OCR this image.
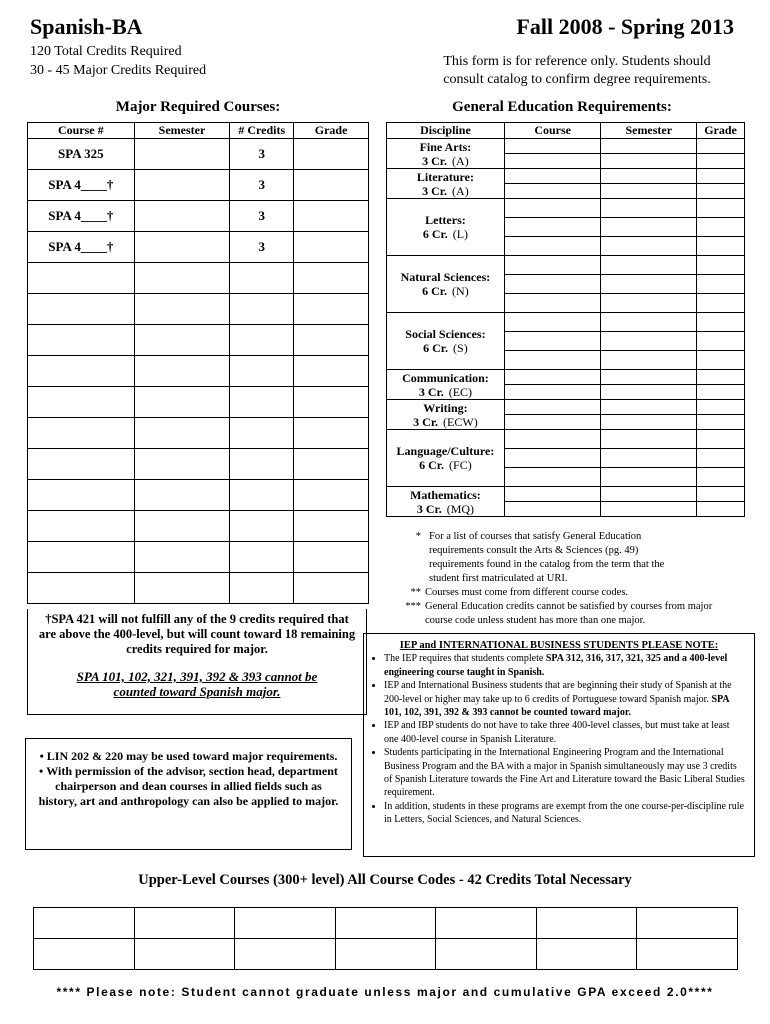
Spanish-BA
120 Total Credits Required
30 - 45 Major Credits Required
Fall 2008 - Spring 2013
This form is for reference only. Students should
consult catalog to confirm degree requirements.
Major Required Courses:	General Education Requirements:
Course #	Semester	# Credits	Grade
SPA 325		3	
SPA 4____†		3	
SPA 4____†		3	
SPA 4____†		3	

†SPA 421 will not fulfill any of the 9 credits required that are above the 400-level, but will count toward 18 remaining credits required for major.
SPA 101, 102, 321, 391, 392 & 393 cannot be counted toward Spanish major.
• LIN 202 & 220 may be used toward major requirements.
• With permission of the advisor, section head, department chairperson and dean courses in allied fields such as history, art and anthropology can also be applied to major.
Discipline	Course	Semester	Grade

Fine Arts:
3 Cr. (A)			

Literature:
3 Cr. (A)			

Letters:
6 Cr. (L)			

Natural Sciences:
6 Cr. (N)			

Social Sciences:
6 Cr. (S)			

Communication:
3 Cr. (EC)			

Writing:
3 Cr. (ECW)			

Language/Culture:
6 Cr. (FC)			

Mathematics:
3 Cr. (MQ)			

* For a list of courses that satisfy General Education requirements consult the Arts & Sciences (pg. 49) requirements found in the catalog from the term that the student first matriculated at URI.
** Courses must come from different course codes.
*** General Education credits cannot be satisfied by courses from major course code unless student has more than one major.
IEP and INTERNATIONAL BUSINESS STUDENTS PLEASE NOTE:
• The IEP requires that students complete SPA 312, 316, 317, 321, 325 and a 400-level engineering course taught in Spanish.
• IEP and International Business students that are beginning their study of Spanish at the 200-level or higher may take up to 6 credits of Portuguese toward Spanish major. SPA 101, 102, 391, 392 & 393 cannot be counted toward major.
• IEP and IBP students do not have to take three 400-level classes, but must take at least one 400-level course in Spanish Literature.
• Students participating in the International Engineering Program and the International Business Program and the BA with a major in Spanish simultaneously may use 3 credits of Spanish Literature towards the Fine Art and Literature toward the Basic Liberal Studies requirement.
• In addition, students in these programs are exempt from the one course-per-discipline rule in Letters, Social Sciences, and Natural Sciences.
Upper-Level Courses (300+ level) All Course Codes - 42 Credits Total Necessary

**** Please note: Student cannot graduate unless major and cumulative GPA exceed 2.0****
